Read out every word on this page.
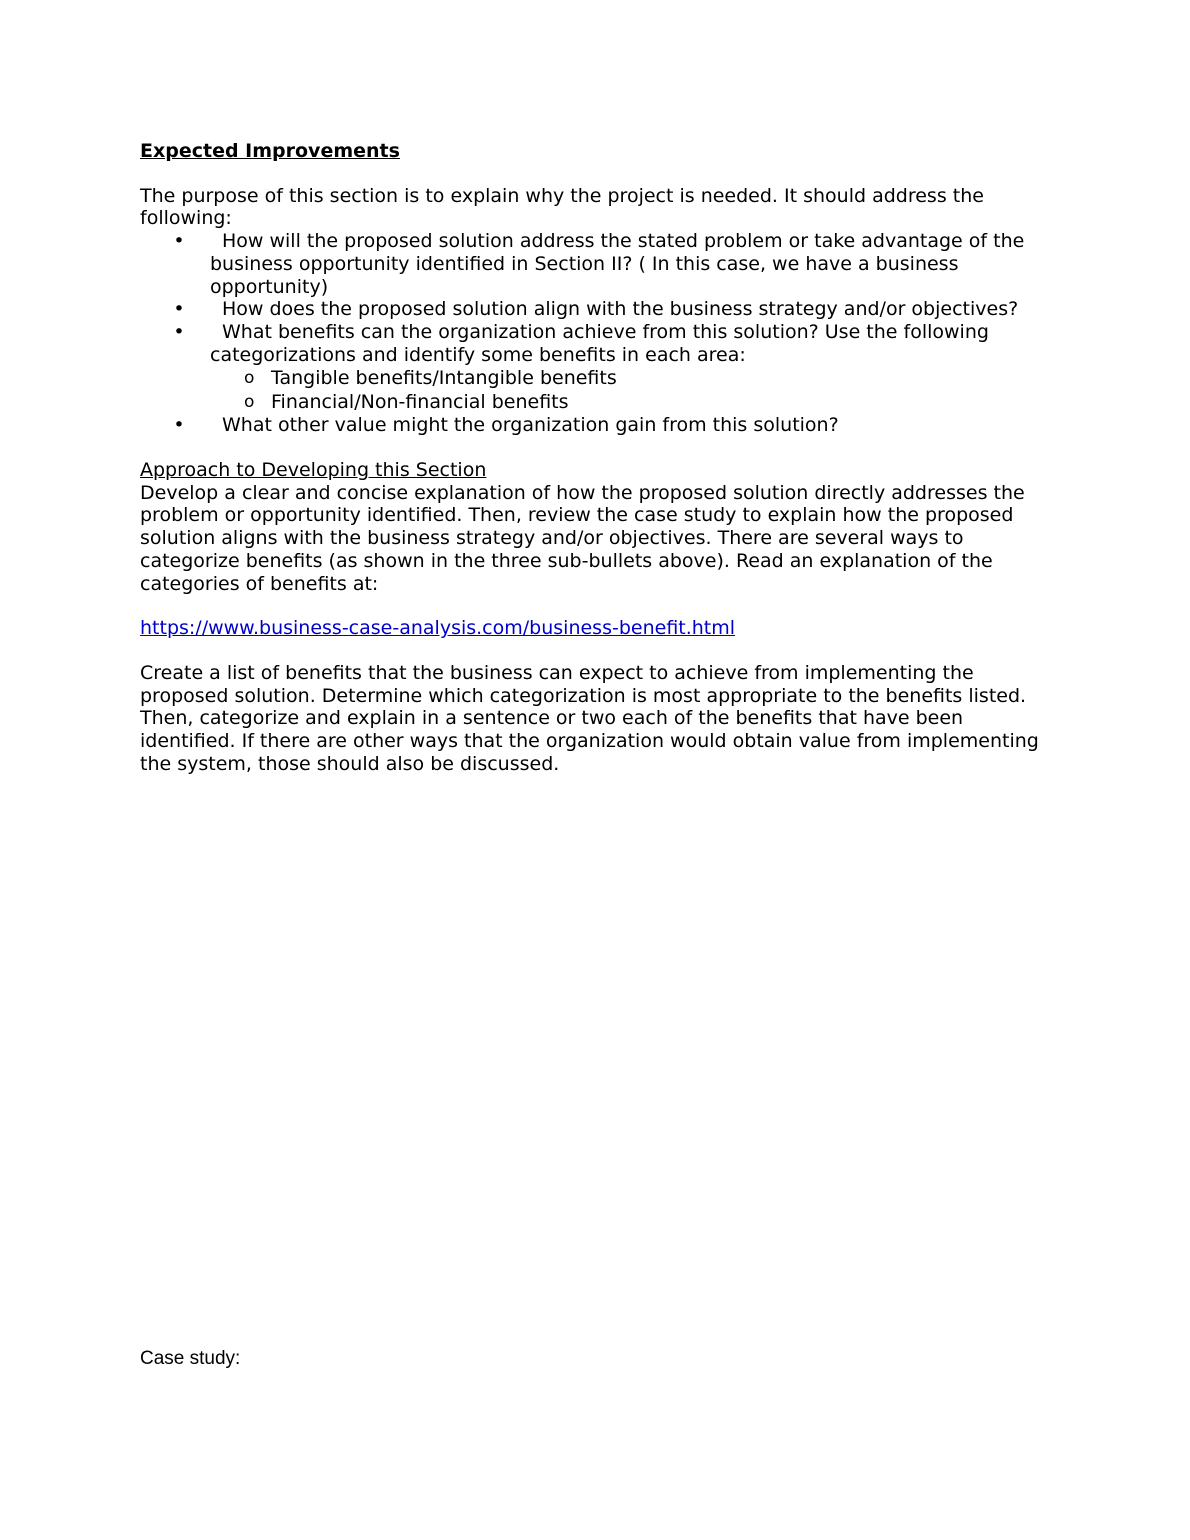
Expected Improvements

The purpose of this section is to explain why the project is needed. It should address the following:

•	How will the proposed solution address the stated problem or take advantage of the business opportunity identified in Section II? ( In this case, we have a business opportunity)
•	How does the proposed solution align with the business strategy and/or objectives?
•	What benefits can the organization achieve from this solution? Use the following categorizations and identify some benefits in each area:
o Tangible benefits/Intangible benefits
o Financial/Non-financial benefits
•	What other value might the organization gain from this solution?
Approach to Developing this Section

Develop a clear and concise explanation of how the proposed solution directly addresses the problem or opportunity identified. Then, review the case study to explain how the proposed solution aligns with the business strategy and/or objectives. There are several ways to categorize benefits (as shown in the three sub-bullets above). Read an explanation of the categories of benefits at:

https://www.business-case-analysis.com/business-benefit.html

Create a list of benefits that the business can expect to achieve from implementing the proposed solution. Determine which categorization is most appropriate to the benefits listed. Then, categorize and explain in a sentence or two each of the benefits that have been identified. If there are other ways that the organization would obtain value from implementing the system, those should also be discussed.

Case study:
